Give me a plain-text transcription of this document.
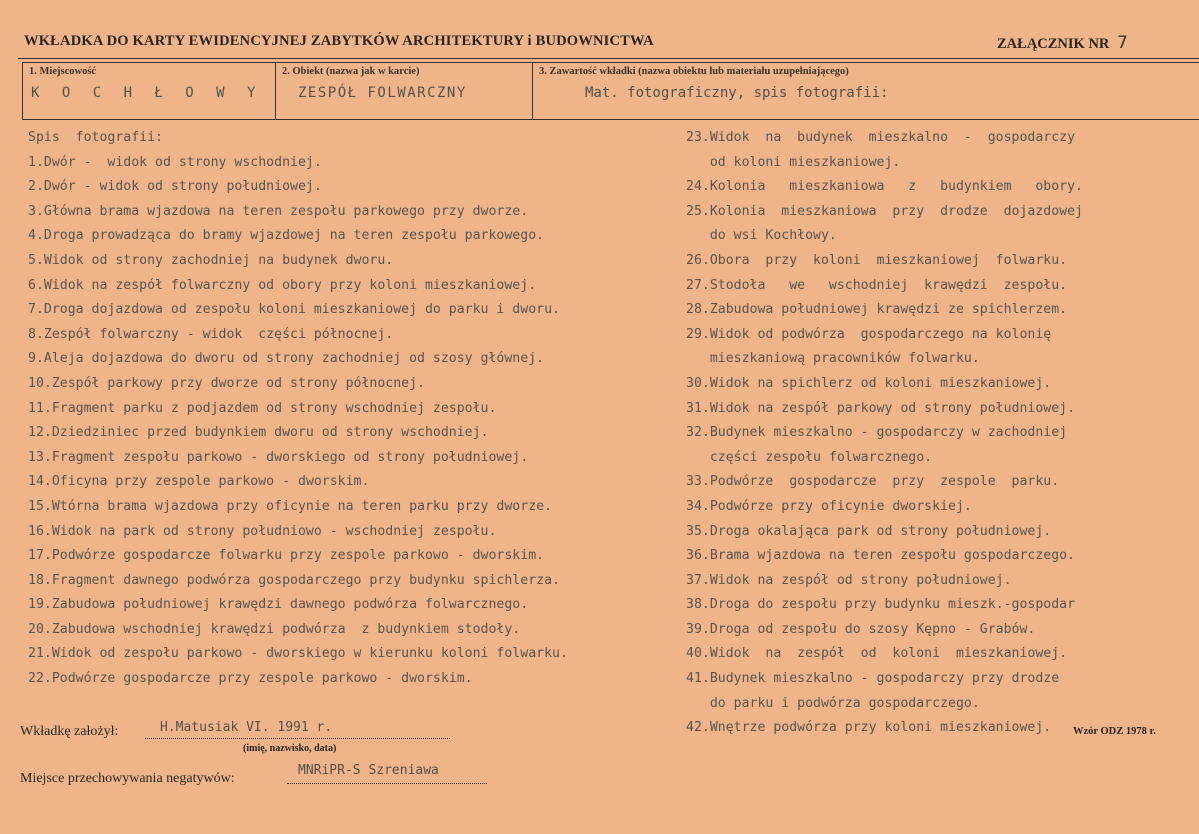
WKŁADKA DO KARTY EWIDENCYJNEJ ZABYTKÓW ARCHITEKTURY i BUDOWNICTWA	ZAŁĄCZNIK NR 7
1. Miejscowość
K O C H Ł O W Y
2. Obiekt (nazwa jak w karcie)
ZESPÓŁ FOLWARCZNY
3. Zawartość wkładki (nazwa obiektu lub materiału uzupełniającego)
Mat. fotograficzny, spis fotografii:
Spis  fotografii:
1.Dwór -  widok od strony wschodniej.
2.Dwór - widok od strony południowej.
3.Główna brama wjazdowa na teren zespołu parkowego przy dworze.
4.Droga prowadząca do bramy wjazdowej na teren zespołu parkowego.
5.Widok od strony zachodniej na budynek dworu.
6.Widok na zespół folwarczny od obory przy koloni mieszkaniowej.
7.Droga dojazdowa od zespołu koloni mieszkaniowej do parku i dworu.
8.Zespół folwarczny - widok  części północnej.
9.Aleja dojazdowa do dworu od strony zachodniej od szosy głównej.
10.Zespół parkowy przy dworze od strony północnej.
11.Fragment parku z podjazdem od strony wschodniej zespołu.
12.Dziedziniec przed budynkiem dworu od strony wschodniej.
13.Fragment zespołu parkowo - dworskiego od strony południowej.
14.Oficyna przy zespole parkowo - dworskim.
15.Wtórna brama wjazdowa przy oficynie na teren parku przy dworze.
16.Widok na park od strony południowo - wschodniej zespołu.
17.Podwórze gospodarcze folwarku przy zespole parkowo - dworskim.
18.Fragment dawnego podwórza gospodarczego przy budynku spichlerza.
19.Zabudowa południowej krawędzi dawnego podwórza folwarcznego.
20.Zabudowa wschodniej krawędzi podwórza  z budynkiem stodoły.
21.Widok od zespołu parkowo - dworskiego w kierunku koloni folwarku.
22.Podwórze gospodarcze przy zespole parkowo - dworskim.
23.Widok  na  budynek  mieszkalno  -  gospodarczy
od koloni mieszkaniowej.
24.Kolonia   mieszkaniowa   z   budynkiem   obory.
25.Kolonia  mieszkaniowa  przy  drodze  dojazdowej
do wsi Kochłowy.
26.Obora  przy  koloni  mieszkaniowej  folwarku.
27.Stodoła   we   wschodniej  krawędzi  zespołu.
28.Zabudowa południowej krawędzi ze spichlerzem.
29.Widok od podwórza  gospodarczego na kolonię
mieszkaniową pracowników folwarku.
30.Widok na spichlerz od koloni mieszkaniowej.
31.Widok na zespół parkowy od strony południowej.
32.Budynek mieszkalno - gospodarczy w zachodniej
części zespołu folwarcznego.
33.Podwórze  gospodarcze  przy  zespole  parku.
34.Podwórze przy oficynie dworskiej.
35.Droga okalająca park od strony południowej.
36.Brama wjazdowa na teren zespołu gospodarczego.
37.Widok na zespół od strony południowej.
38.Droga do zespołu przy budynku mieszk.-gospodar
39.Droga od zespołu do szosy Kępno - Grabów.
40.Widok  na  zespół  od  koloni  mieszkaniowej.
41.Budynek mieszkalno - gospodarczy przy drodze
do parku i podwórza gospodarczego.
42.Wnętrze podwórza przy koloni mieszkaniowej.
Wkładkę założył:	H.Matusiak VI. 1991 r.
(imię, nazwisko, data)
Miejsce przechowywania negatywów:
MNRiPR-S Szreniawa
Wzór ODZ 1978 r.
